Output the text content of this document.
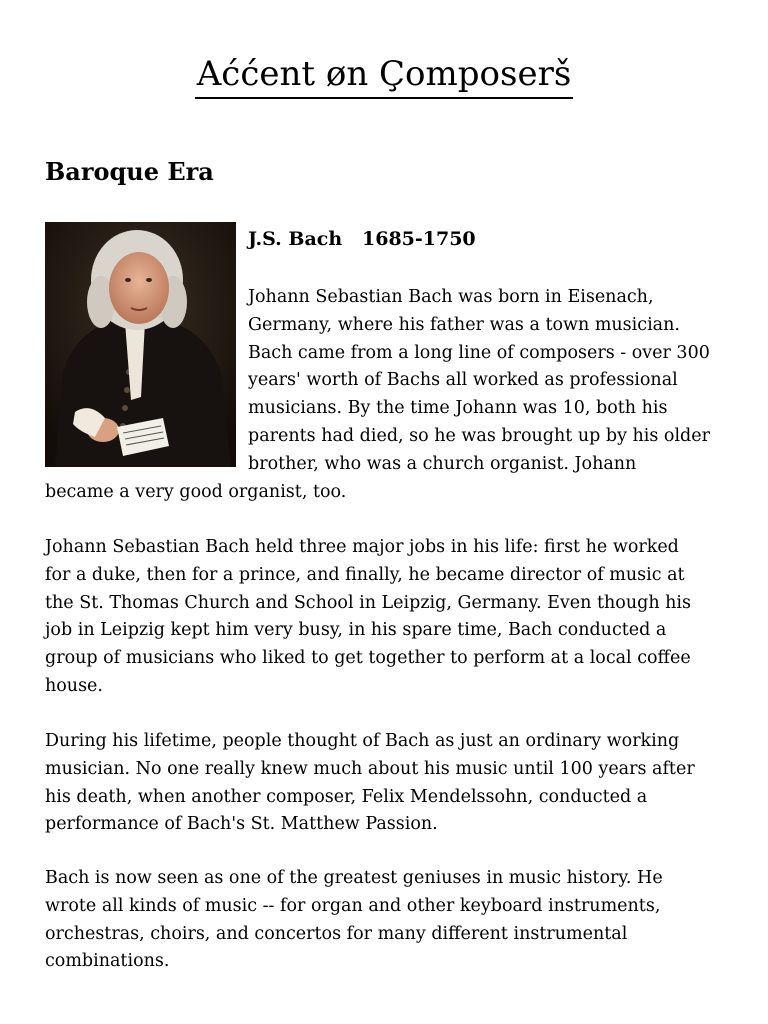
Aććent øn Çomposerš
Baroque Era
J.S. Bach   1685-1750
Johann Sebastian Bach was born in Eisenach,
Germany, where his father was a town musician.
Bach came from a long line of composers - over 300
years' worth of Bachs all worked as professional
musicians. By the time Johann was 10, both his
parents had died, so he was brought up by his older
brother, who was a church organist. Johann
became a very good organist, too.
Johann Sebastian Bach held three major jobs in his life: first he worked
for a duke, then for a prince, and finally, he became director of music at
the St. Thomas Church and School in Leipzig, Germany. Even though his
job in Leipzig kept him very busy, in his spare time, Bach conducted a
group of musicians who liked to get together to perform at a local coffee
house.
During his lifetime, people thought of Bach as just an ordinary working
musician. No one really knew much about his music until 100 years after
his death, when another composer, Felix Mendelssohn, conducted a
performance of Bach's St. Matthew Passion.
Bach is now seen as one of the greatest geniuses in music history. He
wrote all kinds of music -- for organ and other keyboard instruments,
orchestras, choirs, and concertos for many different instrumental
combinations.
